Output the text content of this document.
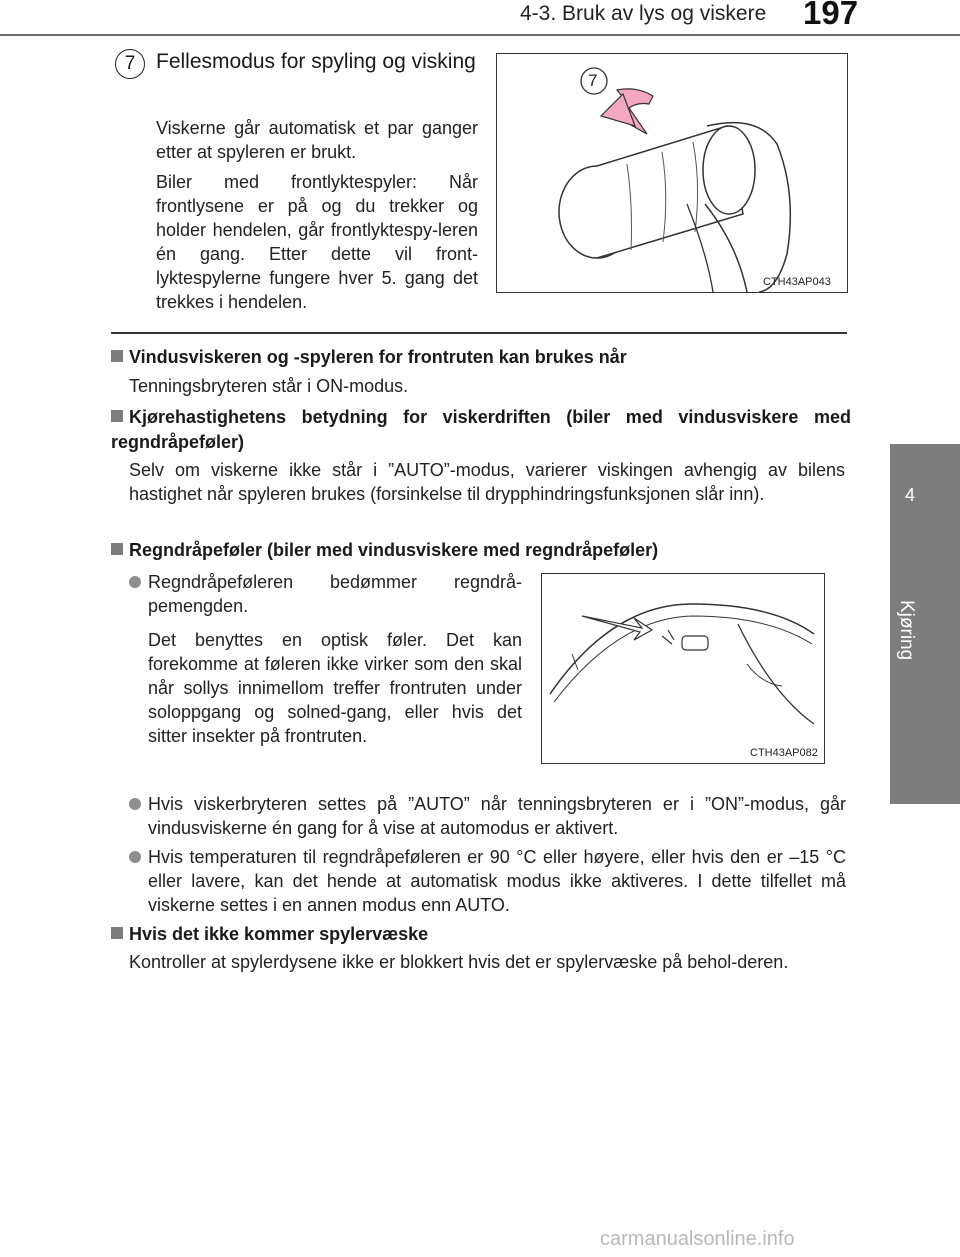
4-3. Bruk av lys og viskere 197
4
Kjøring
7 Fellesmodus for spyling og visking
Viskerne går automatisk et par ganger etter at spyleren er brukt.
Biler med frontlyktespyler: Når frontlysene er på og du trekker og holder hendelen, går frontlyktespy-leren én gang. Etter dette vil front-lyktespylerne fungere hver 5. gang det trekkes i hendelen.
CTH43AP043
7
Vindusviskeren og -spyleren for frontruten kan brukes når
Tenningsbryteren står i ON-modus.
Kjørehastighetens betydning for viskerdriften (biler med vindusviskere med regndråpeføler)
Selv om viskerne ikke står i ”AUTO”-modus, varierer viskingen avhengig av bilens hastighet når spyleren brukes (forsinkelse til drypphindringsfunksjonen slår inn).
Regndråpeføler (biler med vindusviskere med regndråpeføler)
Regndråpeføleren bedømmer regndrå-pemengden.
Det benyttes en optisk føler. Det kan forekomme at føleren ikke virker som den skal når sollys innimellom treffer frontruten under soloppgang og solned-gang, eller hvis det sitter insekter på frontruten.
CTH43AP082
Hvis viskerbryteren settes på ”AUTO” når tenningsbryteren er i ”ON”-modus, går vindusviskerne én gang for å vise at automodus er aktivert.
Hvis temperaturen til regndråpeføleren er 90 °C eller høyere, eller hvis den er –15 °C eller lavere, kan det hende at automatisk modus ikke aktiveres. I dette tilfellet må viskerne settes i en annen modus enn AUTO.
Hvis det ikke kommer spylervæske
Kontroller at spylerdysene ikke er blokkert hvis det er spylervæske på behol-deren.
carmanualsonline.info
